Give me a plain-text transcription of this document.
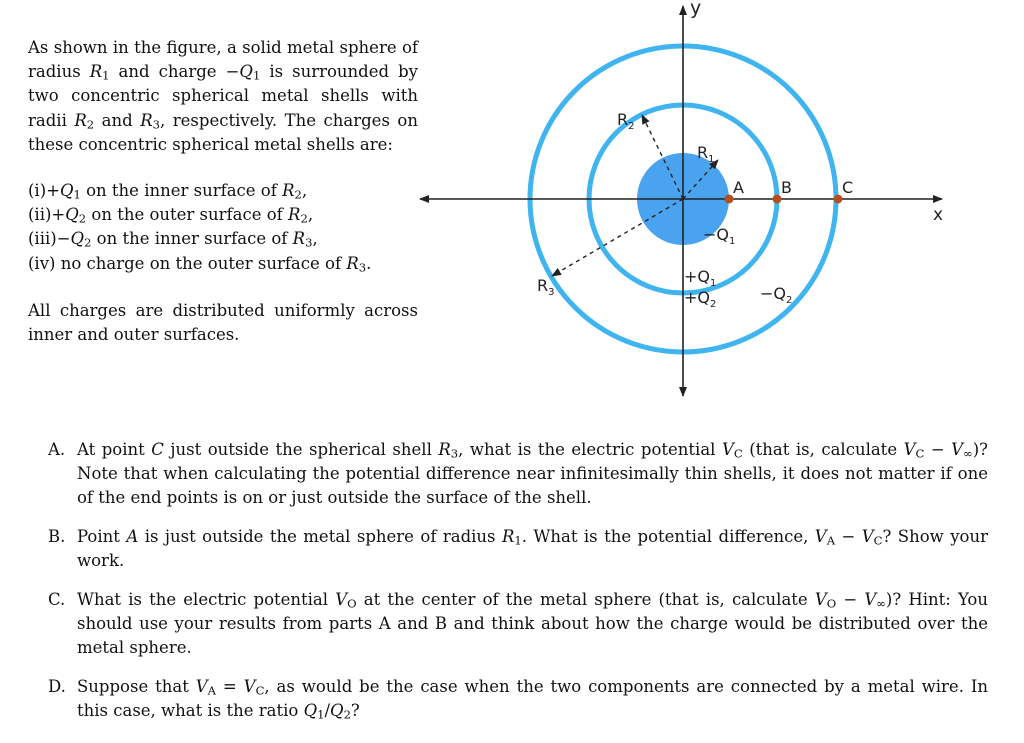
As shown in the figure, a solid metal sphere of radius $R_1$ and charge $-Q_1$ is surrounded by two concentric spherical metal shells with radii $R_2$ and $R_3$, respectively. The charges on these concentric spherical metal shells are:

$(i)+Q_1$ on the inner surface of $R_2$,
$(ii)+Q_2$ on the outer surface of $R_2$,
$(iii)-Q_2$ on the inner surface of $R_3$,
(iv) no charge on the outer surface of $R_3$.

All charges are distributed uniformly across inner and outer surfaces.

x
y
$R_1$
$R_2$
$R_3$
A B	C
$-Q_1$
$+Q_1$
$+Q_2$
$-Q_2$
A. At point C just outside the spherical shell $R_3$, what is the electric potential $V_C$ (that is, calculate $V_C - V_\infty$)? Note that when calculating the potential difference near infinitesimally thin shells, it does not matter if one of the end points is on or just outside the surface of the shell.
B. Point A is just outside the metal sphere of radius $R_1$. What is the potential difference, $V_A - V_C$? Show your work.
C. What is the electric potential $V_O$ at the center of the metal sphere (that is, calculate $V_O - V_\infty$)? Hint: You should use your results from parts A and B and think about how the charge would be distributed over the metal sphere.
D. Suppose that $V_A = V_C$, as would be the case when the two components are connected by a metal wire. In this case, what is the ratio $Q_1/Q_2$?
